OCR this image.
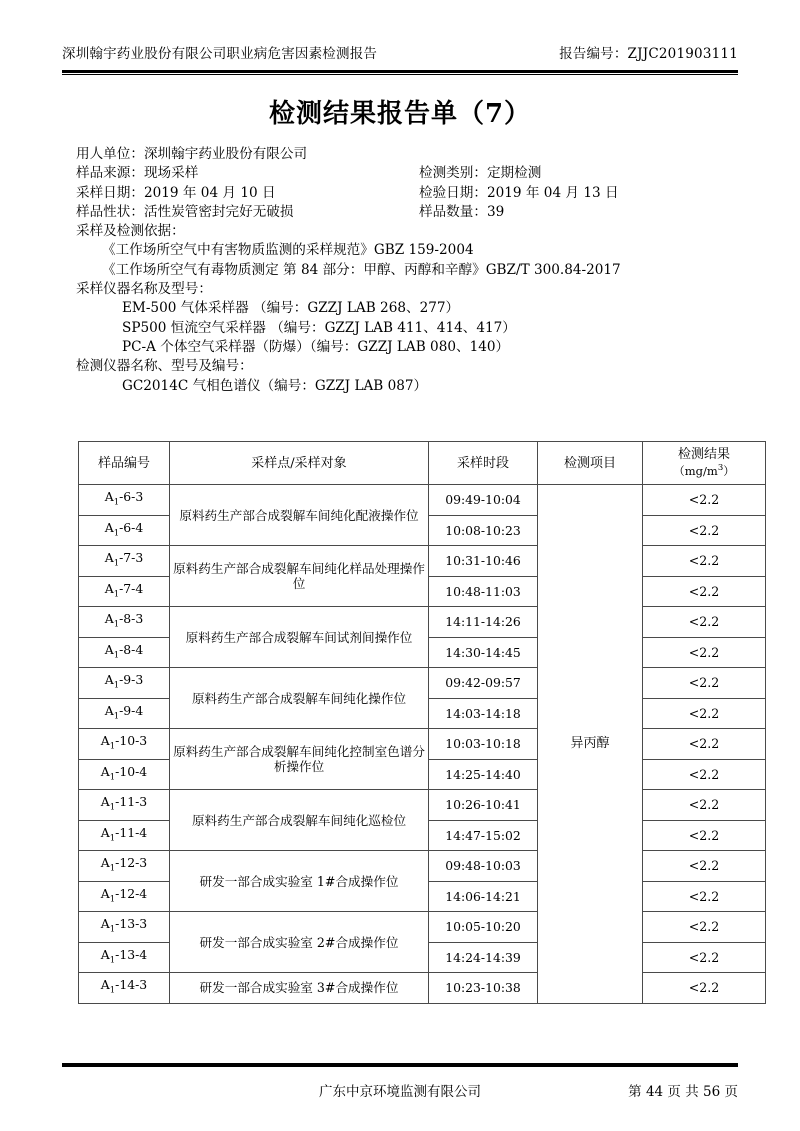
深圳翰宇药业股份有限公司职业病危害因素检测报告	报告编号：ZJJC201903111
检测结果报告单（7）
用人单位：深圳翰宇药业股份有限公司
样品来源：现场采样	检测类别：定期检测
采样日期：2019 年 04 月 10 日	检验日期：2019 年 04 月 13 日
样品性状：活性炭管密封完好无破损	样品数量：39
采样及检测依据：
《工作场所空气中有害物质监测的采样规范》GBZ 159-2004
《工作场所空气有毒物质测定 第 84 部分：甲醇、丙醇和辛醇》GBZ/T 300.84-2017
采样仪器名称及型号：
EM-500 气体采样器 （编号：GZZJ LAB 268、277）
SP500 恒流空气采样器 （编号：GZZJ LAB 411、414、417）
PC-A 个体空气采样器（防爆）（编号：GZZJ LAB 080、140）
检测仪器名称、型号及编号：
GC2014C 气相色谱仪（编号：GZZJ LAB 087）
样品编号	采样点/采样对象	采样时段	检测项目	检测结果
$(mg/m^3)$
$A_1-6-3$	原料药生产部合成裂解车间纯化配液操作位	09:49-10:04	异丙醇	<2.2
$A_1-6-4$		10:08-10:23		<2.2
$A_1-7-3$	原料药生产部合成裂解车间纯化样品处理操作位	10:31-10:46		<2.2
$A_1-7-4$		10:48-11:03		<2.2
$A_1-8-3$	原料药生产部合成裂解车间试剂间操作位	14:11-14:26		<2.2
$A_1-8-4$		14:30-14:45		<2.2
$A_1-9-3$	原料药生产部合成裂解车间纯化操作位	09:42-09:57		<2.2
$A_1-9-4$		14:03-14:18		<2.2
$A_1-10-3$	原料药生产部合成裂解车间纯化控制室色谱分析操作位	10:03-10:18		<2.2
$A_1-10-4$		14:25-14:40		<2.2
$A_1-11-3$	原料药生产部合成裂解车间纯化巡检位	10:26-10:41		<2.2
$A_1-11-4$		14:47-15:02		<2.2
$A_1-12-3$	研发一部合成实验室 1#合成操作位	09:48-10:03		<2.2
$A_1-12-4$		14:06-14:21		<2.2
$A_1-13-3$	研发一部合成实验室 2#合成操作位	10:05-10:20		<2.2
$A_1-13-4$		14:24-14:39		<2.2
$A_1-14-3$	研发一部合成实验室 3#合成操作位	10:23-10:38		<2.2
广东中京环境监测有限公司	第 44 页 共 56 页
